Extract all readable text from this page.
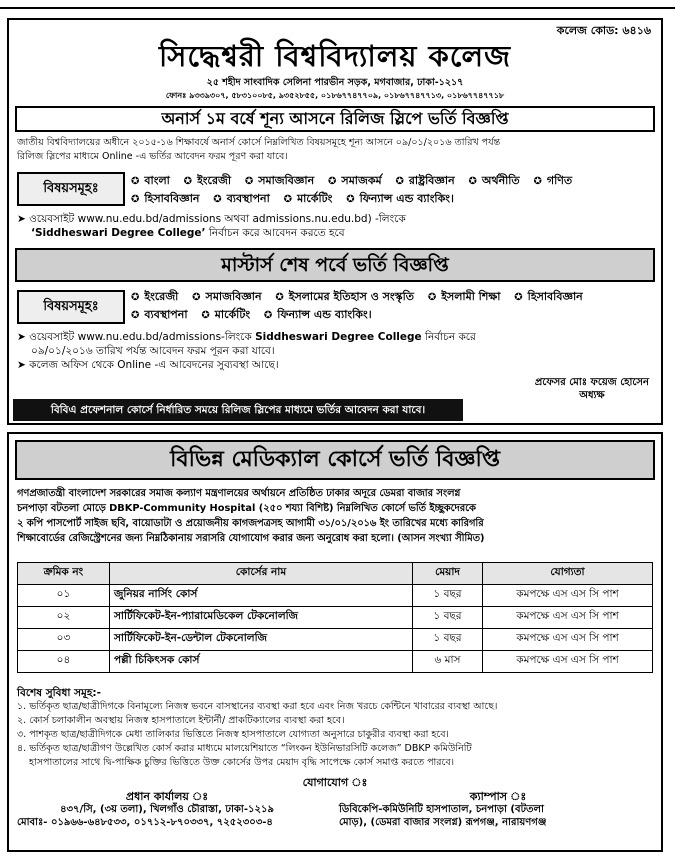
কলেজ কোড: ৬৪১৬
সিদ্ধেশ্বরী বিশ্ববিদ্যালয় কলেজ
২৫ শহীদ সাংবাদিক সেলিনা পারভীন সড়ক, মগবাজার, ঢাকা-১২১৭
ফোনঃ ৯৩৩৯৩০৭, ৫৮৩১০০৮৫, ৯৩৫২৮৫৫, ০১৮৬৭৭৪৭৭০৯, ০১৮৬৭৭৪৭৭১৩, ০১৮৬৭৭৪৭৭১৮
অনার্স ১ম বর্ষে শূন্য আসনে রিলিজ স্লিপে ভর্তি বিজ্ঞপ্তি
জাতীয় বিশ্ববিদ্যালয়ের অধীনে ২০১৫-১৬ শিক্ষাবর্ষে অনার্স কোর্সে নিম্নলিখিত বিষয়সমূহে শূন্য আসনে ০৯/০১/২০১৬ তারিখ পর্যন্ত
রিলিজ স্লিপের মাধ্যমে Online -এ ভর্তির আবেদন ফরম পূরণ করা যাবে।
বিষয়সমূহঃ	✪ বাংলা ✪ ইংরেজী ✪ সমাজবিজ্ঞান ✪ সমাজকর্ম ✪ রাষ্ট্রবিজ্ঞান ✪ অর্থনীতি ✪ গণিত ✪ হিসাববিজ্ঞান ✪ ব্যবস্থাপনা ✪ মার্কেটিং ✪ ফিন্যান্স এন্ড ব্যাংকিং।
➤ ওয়েবসাইট www.nu.edu.bd/admissions অথবা admissions.nu.edu.bd) -লিংকে
‘Siddheswari Degree College’ নির্বাচন করে আবেদন করতে হবে
মাস্টার্স শেষ পর্বে ভর্তি বিজ্ঞপ্তি
বিষয়সমূহঃ
✪ ইংরেজী ✪ সমাজবিজ্ঞান ✪ ইসলামের ইতিহাস ও সংস্কৃতি ✪ ইসলামী শিক্ষা ✪ হিসাববিজ্ঞান ✪ ব্যবস্থাপনা ✪ মার্কেটিং ✪ ফিন্যান্স এন্ড ব্যাংকিং।
➤ ওয়েবসাইট www.nu.edu.bd/admissions-লিংকে Siddheswari Degree College নির্বাচন করে
০৯/০১/২০১৬ তারিখ পর্যন্ত আবেদন ফরম পূরন করা যাবে।
➤ কলেজ অফিস থেকে Online -এ আবেদনের সুব্যবস্থা আছে।
প্রফেসর মোঃ ফয়েজ হোসেন
অধ্যক্ষ
বিবিএ প্রফেশনাল কোর্সে নির্ধারিত সময়ে রিলিজ স্লিপের মাধ্যমে ভর্তির আবেদন করা যাবে।
বিভিন্ন মেডিক্যাল কোর্সে ভর্তি বিজ্ঞপ্তি
গণপ্রজাতন্ত্রী বাংলাদেশ সরকারের সমাজ কল্যাণ মন্ত্রণালয়ের অর্থায়নে প্রতিষ্ঠিত ঢাকার অদূরে ডেমরা বাজার সংলগ্ন
চনপাড়া বটতলা মোড়ে DBKP-Community Hospital (২৫০ শয্যা বিশিষ্ট) নিম্নলিখিত কোর্সে ভর্তি ইচ্ছুকদেরকে
২ কপি পাসপোর্ট সাইজ ছবি, বায়োডাটা ও প্রয়োজনীয় কাগজপত্রসহ আগামী ৩১/০১/২০১৬ ইং তারিখের মধ্যে কারিগরি
শিক্ষাবোর্ডের রেজিস্ট্রেশনের জন্য নিম্নঠিকানায় সরাসরি যোগাযোগ করার জন্য অনুরোধ করা হলো। (আসন সংখ্যা সীমিত)
ক্রমিক নং	কোর্সের নাম	মেয়াদ	যোগ্যতা
০১	জুনিয়র নার্সিং কোর্স	১ বছর	কমপক্ষে এস এস সি পাশ
০২	সার্টিফিকেট-ইন-প্যারামেডিকেল টেকনোলজি	১ বছর	কমপক্ষে এস এস সি পাশ
০৩	সার্টিফিকেট-ইন-ডেন্টাল টেকনোলজি	১ বছর	কমপক্ষে এস এস সি পাশ
০৪	পল্লী চিকিৎসক কোর্স	৬ মাস	কমপক্ষে এস এস সি পাশ
বিশেষ সুবিধা সমূহ:-
১. ভর্তিকৃত ছাত্র/ছাত্রীদিগকে বিনামূল্যে নিজস্ব ভবনে বাসস্থানের ব্যবস্থা করা হবে এবং নিজ খরচে কেন্টিনে খাবারের ব্যবস্থা আছে।
২. কোর্স চলাকালীন অবস্থায় নিজস্ব হাসপাতালে ইন্টার্নী/ প্রাকটিক্যালের ব্যবস্থা করা হবে।
৩. পাশকৃত ছাত্র/ছাত্রীদিগকে মেধা তালিকার ভিত্তিতে নিজস্ব হাসপাতালে যোগ্যতা অনুসারে চাকুরীর ব্যবস্থা করা হবে।
৪. ভর্তিকৃত ছাত্র/ছাত্রীগণ উল্লেখিত কোর্স করার মাধ্যমে মালয়েশিয়াতে “লিংকন ইউনিভারসিটি কলেজ” DBKP কমিউনিটি
হাসপাতালের সাথে দ্বি-পাক্ষিক চুক্তির ভিত্তিতে উক্ত কোর্সের উপর মেয়াদ বৃদ্ধি সাপেক্ষে কোর্স সমাপ্ত করতে পারবে।
যোগাযোগ ঃ
প্রধান কার্যালয় ঃ
৪৩৭/সি, (৩য় তলা), খিলগাঁও চৌরাস্তা, ঢাকা-১২১৯
মোবাঃ- ০১৯৬৬-৬৪৮৫৩৩, ০১৭১২-৮৭০৩৩৭, ৭২৫২৩০৩-৪
ক্যাম্পাস ঃ
ডিবিকেপি-কমিউনিটি হাসপাতাল, চনপাড়া (বটতলা
মোড়), (ডেমরা বাজার সংলগ্ন) রূপগঞ্জ, নারায়ণগঞ্জ
